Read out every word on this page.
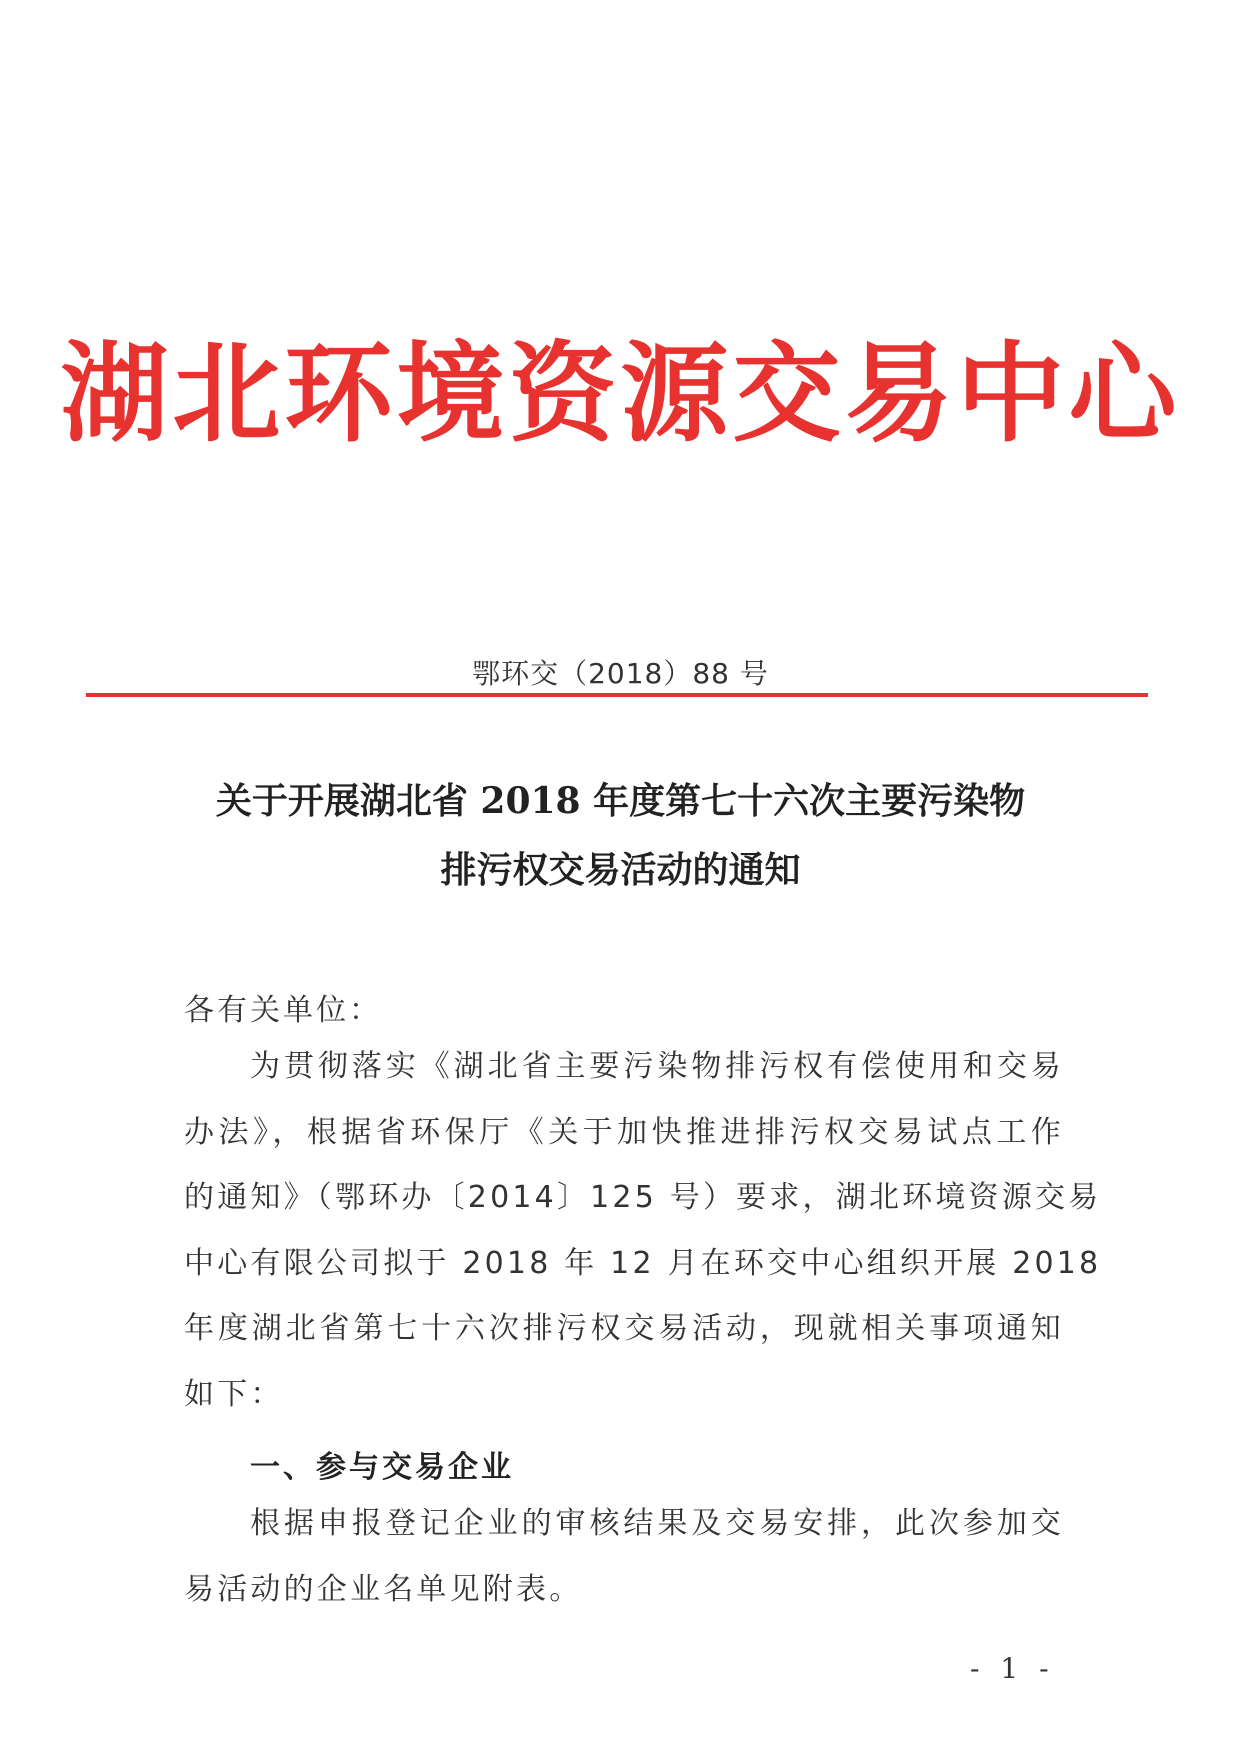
湖北环境资源交易中心
鄂环交（2018）88 号
关于开展湖北省 2018 年度第七十六次主要污染物
排污权交易活动的通知
各有关单位：
为贯彻落实《湖北省主要污染物排污权有偿使用和交易
办法》，根据省环保厅《关于加快推进排污权交易试点工作
的通知》（鄂环办〔2014〕125 号）要求，湖北环境资源交易
中心有限公司拟于 2018 年 12 月在环交中心组织开展 2018
年度湖北省第七十六次排污权交易活动，现就相关事项通知
如下：
一、参与交易企业
根据申报登记企业的审核结果及交易安排，此次参加交
易活动的企业名单见附表。
- 1 -
